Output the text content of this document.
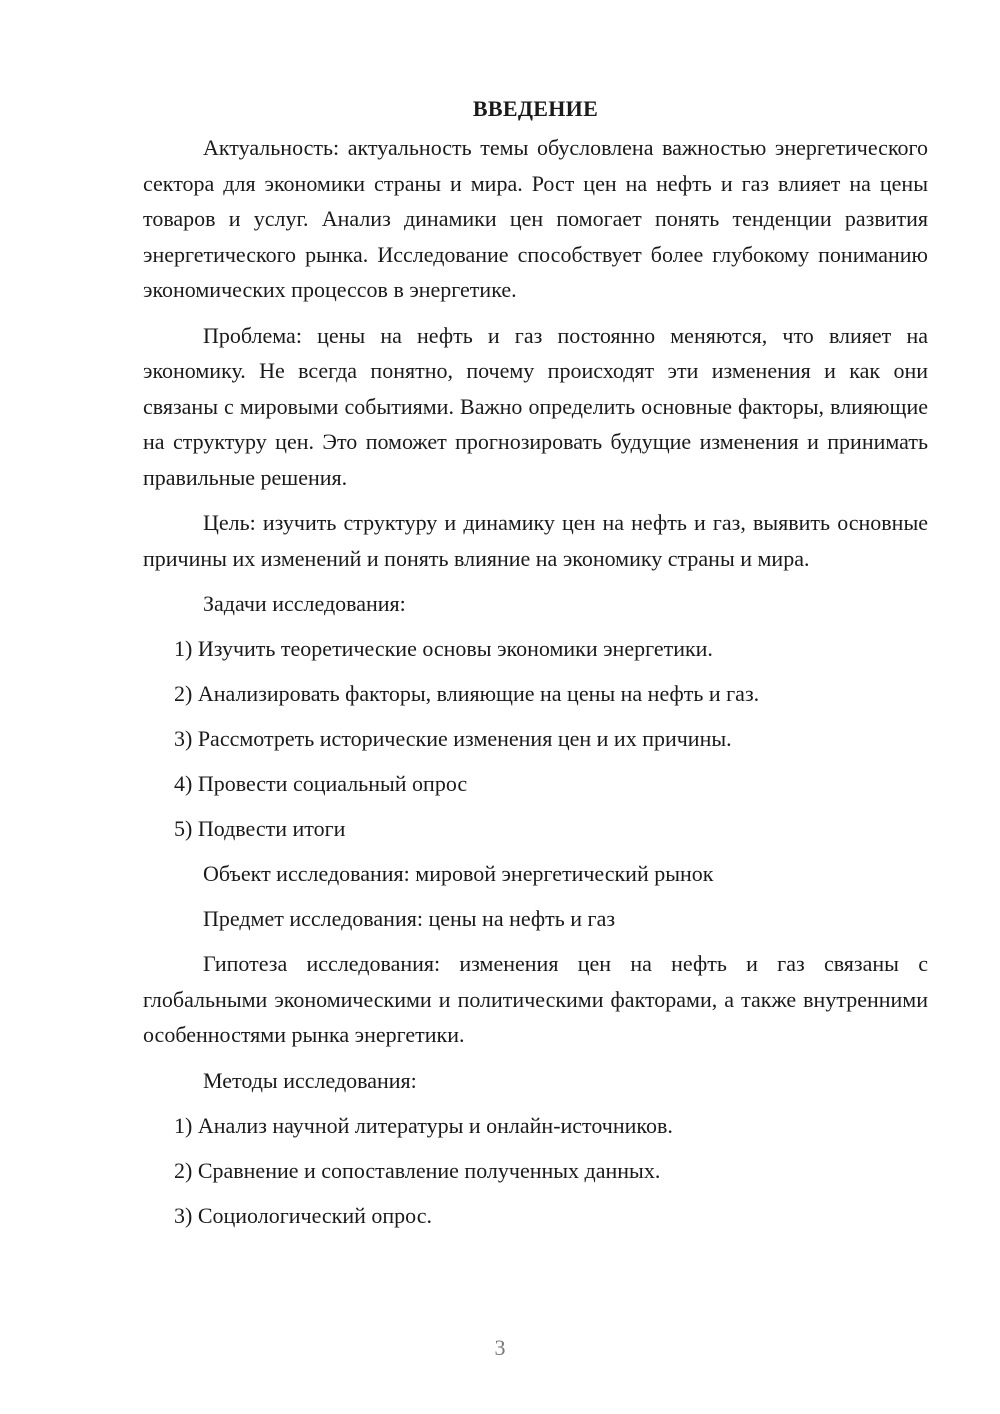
ВВЕДЕНИЕ

Актуальность: актуальность темы обусловлена важностью энергетического сектора для экономики страны и мира. Рост цен на нефть и газ влияет на цены товаров и услуг. Анализ динамики цен помогает понять тенденции развития энергетического рынка. Исследование способствует более глубокому пониманию экономических процессов в энергетике.

Проблема: цены на нефть и газ постоянно меняются, что влияет на экономику. Не всегда понятно, почему происходят эти изменения и как они связаны с мировыми событиями. Важно определить основные факторы, влияющие на структуру цен. Это поможет прогнозировать будущие изменения и принимать правильные решения.

Цель: изучить структуру и динамику цен на нефть и газ, выявить основные причины их изменений и понять влияние на экономику страны и мира.

Задачи исследования:

1) Изучить теоретические основы экономики энергетики.

2) Анализировать факторы, влияющие на цены на нефть и газ.

3) Рассмотреть исторические изменения цен и их причины.

4) Провести социальный опрос

5) Подвести итоги

Объект исследования: мировой энергетический рынок

Предмет исследования: цены на нефть и газ

Гипотеза исследования: изменения цен на нефть и газ связаны с глобальными экономическими и политическими факторами, а также внутренними особенностями рынка энергетики.

Методы исследования:

1) Анализ научной литературы и онлайн-источников.

2) Сравнение и сопоставление полученных данных.

3) Социологический опрос.

3
